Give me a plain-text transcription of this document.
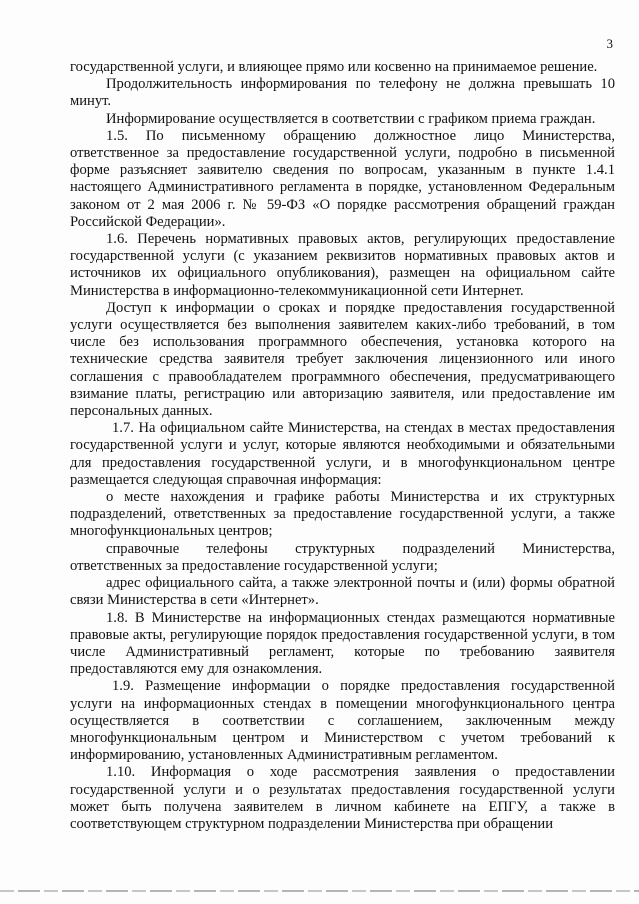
3

государственной услуги, и влияющее прямо или косвенно на принимаемое решение.

Продолжительность информирования по телефону не должна превышать 10 минут.

Информирование осуществляется в соответствии с графиком приема граждан.

1.5. По письменному обращению должностное лицо Министерства, ответственное за предоставление государственной услуги, подробно в письменной форме разъясняет заявителю сведения по вопросам, указанным в пункте 1.4.1 настоящего Административного регламента в порядке, установленном Федеральным законом от 2 мая 2006 г. № 59-ФЗ «О порядке рассмотрения обращений граждан Российской Федерации».

1.6. Перечень нормативных правовых актов, регулирующих предоставление государственной услуги (с указанием реквизитов нормативных правовых актов и источников их официального опубликования), размещен на официальном сайте Министерства в информационно-телекоммуникационной сети Интернет.

Доступ к информации о сроках и порядке предоставления государственной услуги осуществляется без выполнения заявителем каких-либо требований, в том числе без использования программного обеспечения, установка которого на технические средства заявителя требует заключения лицензионного или иного соглашения с правообладателем программного обеспечения, предусматривающего взимание платы, регистрацию или авторизацию заявителя, или предоставление им персональных данных.

1.7. На официальном сайте Министерства, на стендах в местах предоставления государственной услуги и услуг, которые являются необходимыми и обязательными для предоставления государственной услуги, и в многофункциональном центре размещается следующая справочная информация:

о месте нахождения и графике работы Министерства и их структурных подразделений, ответственных за предоставление государственной услуги, а также многофункциональных центров;

справочные телефоны структурных подразделений Министерства, ответственных за предоставление государственной услуги;

адрес официального сайта, а также электронной почты и (или) формы обратной связи Министерства в сети «Интернет».

1.8. В Министерстве на информационных стендах размещаются нормативные правовые акты, регулирующие порядок предоставления государственной услуги, в том числе Административный регламент, которые по требованию заявителя предоставляются ему для ознакомления.

1.9. Размещение информации о порядке предоставления государственной услуги на информационных стендах в помещении многофункционального центра осуществляется в соответствии с соглашением, заключенным между многофункциональным центром и Министерством с учетом требований к информированию, установленных Административным регламентом.

1.10. Информация о ходе рассмотрения заявления о предоставлении государственной услуги и о результатах предоставления государственной услуги может быть получена заявителем в личном кабинете на ЕПГУ, а также в соответствующем структурном подразделении Министерства при обращении
